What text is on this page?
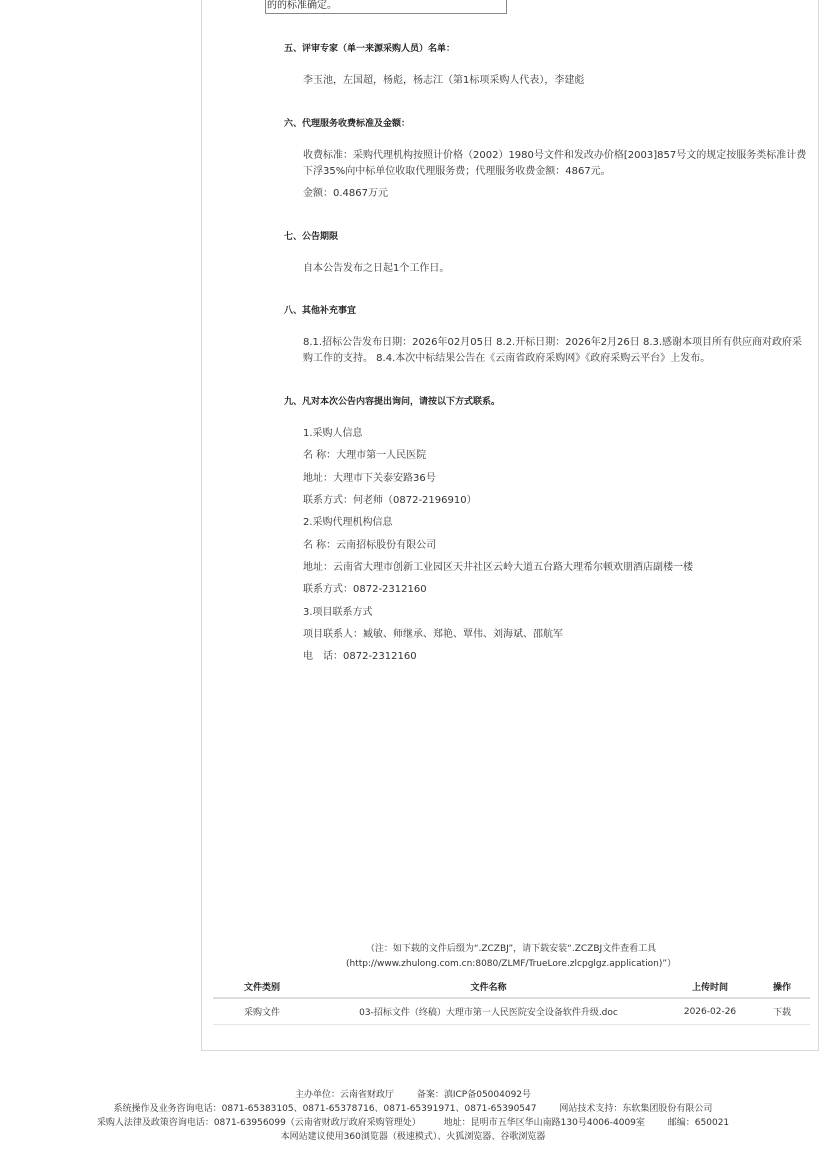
的的标准确定。
五、评审专家（单一来源采购人员）名单：
李玉池，左国超，杨彪，杨志江（第1标项采购人代表），李建彪
六、代理服务收费标准及金额：
收费标准：采购代理机构按照计价格（2002）1980号文件和发改办价格[2003]857号文的规定按服务类标准计费下浮35%向中标单位收取代理服务费；代理服务收费金额：4867元。
金额：0.4867万元
七、公告期限
自本公告发布之日起1个工作日。
八、其他补充事宜
8.1.招标公告发布日期：2026年02月05日 8.2.开标日期：2026年2月26日 8.3.感谢本项目所有供应商对政府采购工作的支持。 8.4.本次中标结果公告在《云南省政府采购网》《政府采购云平台》上发布。
九、凡对本次公告内容提出询问，请按以下方式联系。
1.采购人信息
名 称：大理市第一人民医院
地址：大理市下关泰安路36号
联系方式：何老师（0872-2196910）
2.采购代理机构信息
名 称：云南招标股份有限公司
地址：云南省大理市创新工业园区天井社区云岭大道五台路大理希尔顿欢朋酒店副楼一楼
联系方式：0872-2312160
3.项目联系方式
项目联系人：臧敏、师继承、郑艳、覃伟、刘海斌、邵航军
电　话：0872-2312160
（注：如下载的文件后缀为“.ZCZBJ”，请下载安装“.ZCZBJ文件查看工具
(http://www.zhulong.com.cn:8080/ZLMF/TrueLore.zlcpglgz.application)”）
文件类别	文件名称	上传时间	操作
采购文件	03-招标文件（终稿）大理市第一人民医院安全设备软件升级.doc	2026-02-26	下载
主办单位：云南省财政厅        备案：滇ICP备05004092号
系统操作及业务咨询电话：0871-65383105、0871-65378716、0871-65391971、0871-65390547        网站技术支持：东软集团股份有限公司
采购人法律及政策咨询电话：0871-63956099（云南省财政厅政府采购管理处）        地址：昆明市五华区华山南路130号4006-4009室        邮编：650021
本网站建议使用360浏览器（极速模式）、火狐浏览器、谷歌浏览器
